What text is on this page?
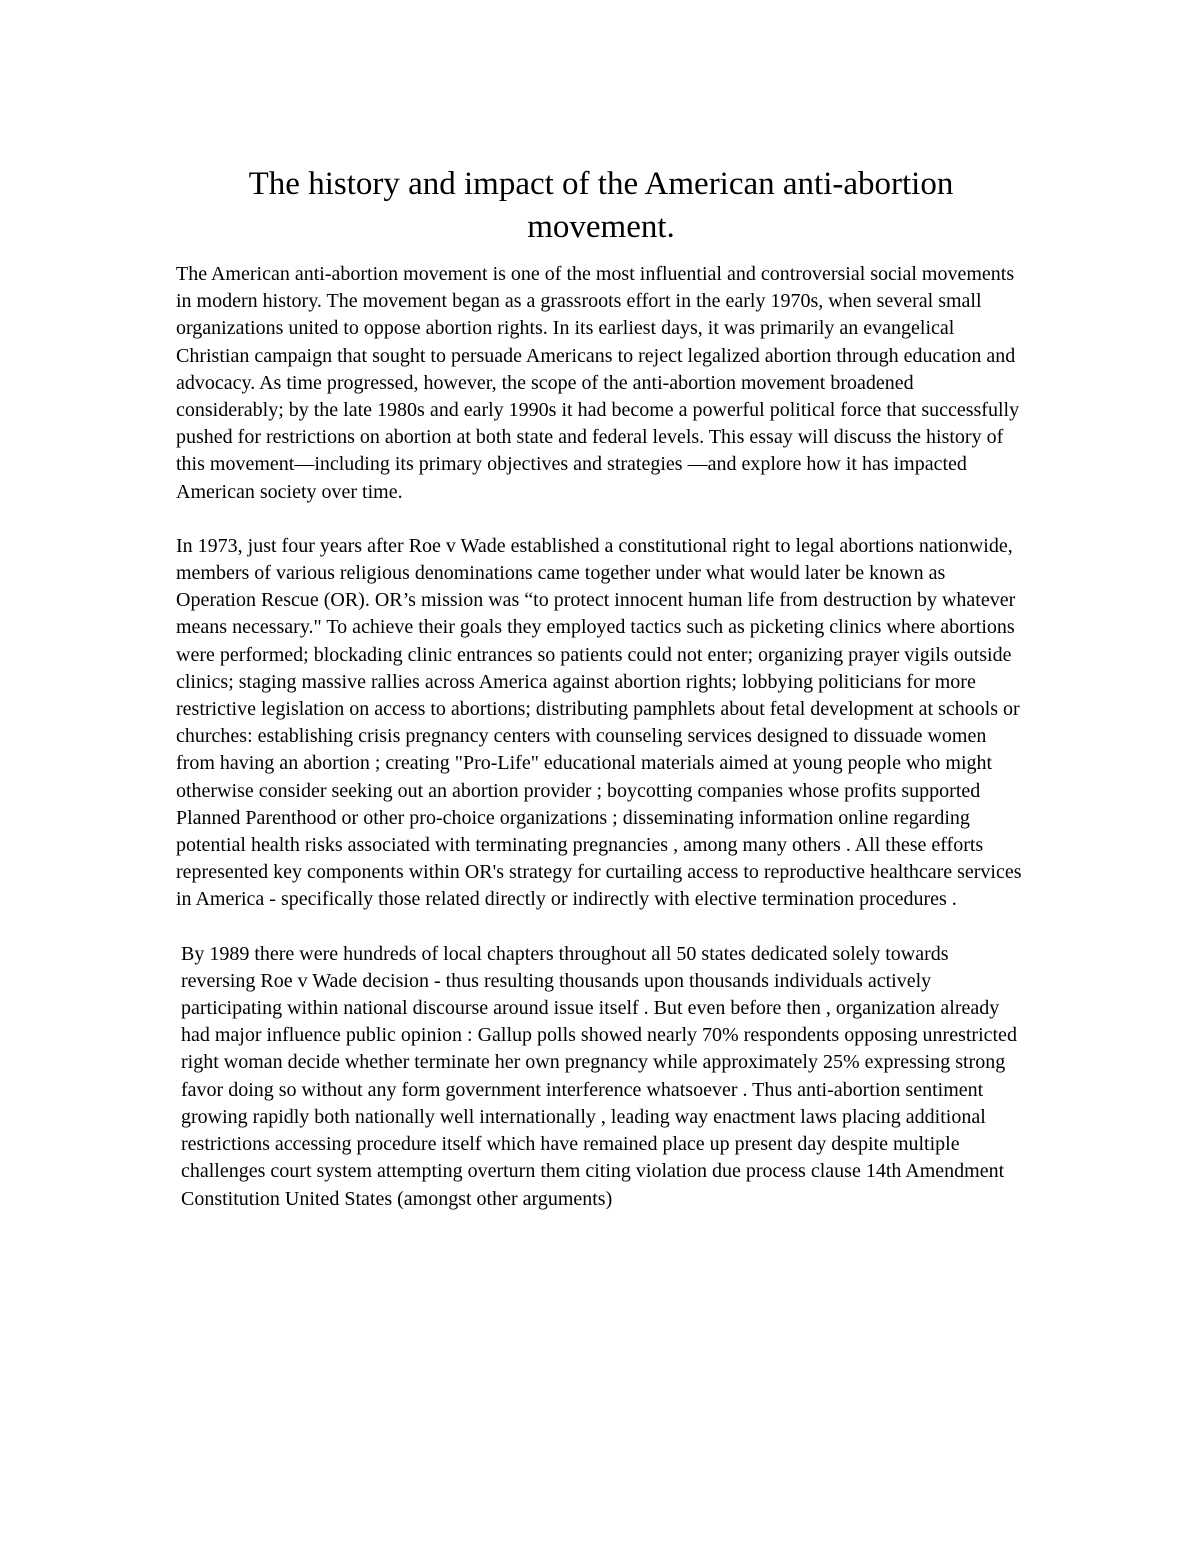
The history and impact of the American anti-abortion movement.

The American anti-abortion movement is one of the most influential and controversial social movements in modern history. The movement began as a grassroots effort in the early 1970s, when several small organizations united to oppose abortion rights. In its earliest days, it was primarily an evangelical Christian campaign that sought to persuade Americans to reject legalized abortion through education and advocacy. As time progressed, however, the scope of the anti-abortion movement broadened considerably; by the late 1980s and early 1990s it had become a powerful political force that successfully pushed for restrictions on abortion at both state and federal levels. This essay will discuss the history of this movement—including its primary objectives and strategies —and explore how it has impacted American society over time.

In 1973, just four years after Roe v Wade established a constitutional right to legal abortions nationwide, members of various religious denominations came together under what would later be known as Operation Rescue (OR). OR’s mission was “to protect innocent human life from destruction by whatever means necessary." To achieve their goals they employed tactics such as picketing clinics where abortions were performed; blockading clinic entrances so patients could not enter; organizing prayer vigils outside clinics; staging massive rallies across America against abortion rights; lobbying politicians for more restrictive legislation on access to abortions; distributing pamphlets about fetal development at schools or churches: establishing crisis pregnancy centers with counseling services designed to dissuade women from having an abortion ; creating "Pro-Life" educational materials aimed at young people who might otherwise consider seeking out an abortion provider ; boycotting companies whose profits supported Planned Parenthood or other pro-choice organizations ; disseminating information online regarding potential health risks associated with terminating pregnancies , among many others . All these efforts represented key components within OR's strategy for curtailing access to reproductive healthcare services in America - specifically those related directly or indirectly with elective termination procedures .

By 1989 there were hundreds of local chapters throughout all 50 states dedicated solely towards reversing Roe v Wade decision - thus resulting thousands upon thousands individuals actively participating within national discourse around issue itself . But even before then , organization already had major influence public opinion : Gallup polls showed nearly 70% respondents opposing unrestricted right woman decide whether terminate her own pregnancy while approximately 25% expressing strong favor doing so without any form government interference whatsoever . Thus anti-abortion sentiment growing rapidly both nationally well internationally , leading way enactment laws placing additional restrictions accessing procedure itself which have remained place up present day despite multiple challenges court system attempting overturn them citing violation due process clause 14th Amendment Constitution United States (amongst other arguments)
